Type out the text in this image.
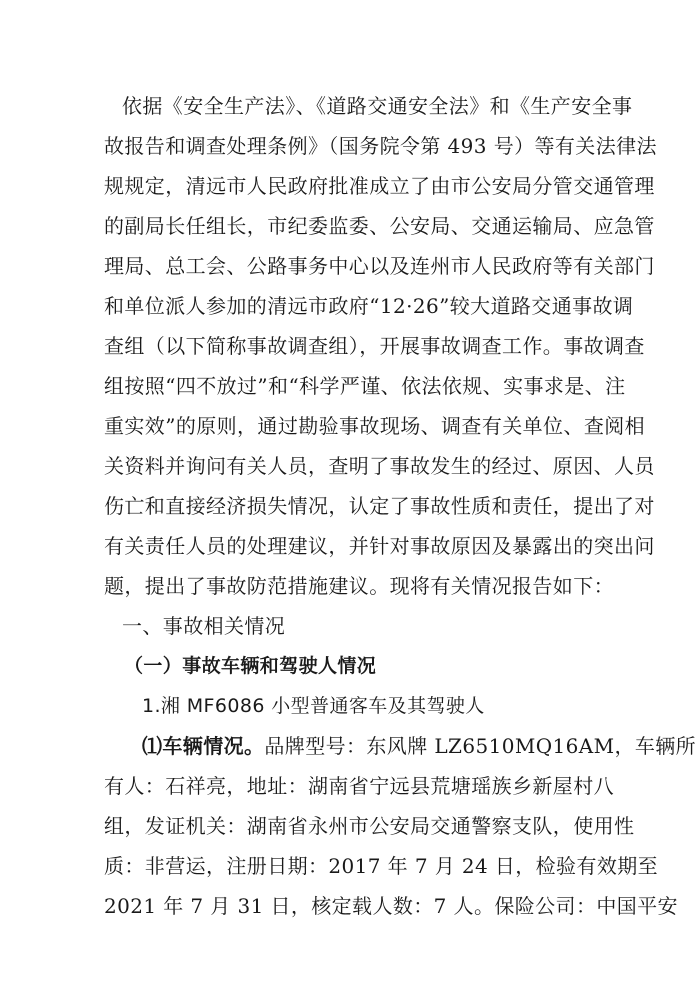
依据《安全生产法》、《道路交通安全法》和《生产安全事
故报告和调查处理条例》（国务院令第 493 号）等有关法律法
规规定，清远市人民政府批准成立了由市公安局分管交通管理
的副局长任组长，市纪委监委、公安局、交通运输局、应急管
理局、总工会、公路事务中心以及连州市人民政府等有关部门
和单位派人参加的清远市政府“12·26”较大道路交通事故调
查组（以下简称事故调查组），开展事故调查工作。事故调查
组按照“四不放过”和“科学严谨、依法依规、实事求是、注
重实效”的原则，通过勘验事故现场、调查有关单位、查阅相
关资料并询问有关人员，查明了事故发生的经过、原因、人员
伤亡和直接经济损失情况，认定了事故性质和责任，提出了对
有关责任人员的处理建议，并针对事故原因及暴露出的突出问
题，提出了事故防范措施建议。现将有关情况报告如下：
一、事故相关情况
（一）事故车辆和驾驶人情况
1.湘 MF6086 小型普通客车及其驾驶人
⑴车辆情况。品牌型号：东风牌 LZ6510MQ16AM，车辆所
有人：石祥亮，地址：湖南省宁远县荒塘瑶族乡新屋村八
组，发证机关：湖南省永州市公安局交通警察支队，使用性
质：非营运，注册日期：2017 年 7 月 24 日，检验有效期至
2021 年 7 月 31 日，核定载人数：7 人。保险公司：中国平安
